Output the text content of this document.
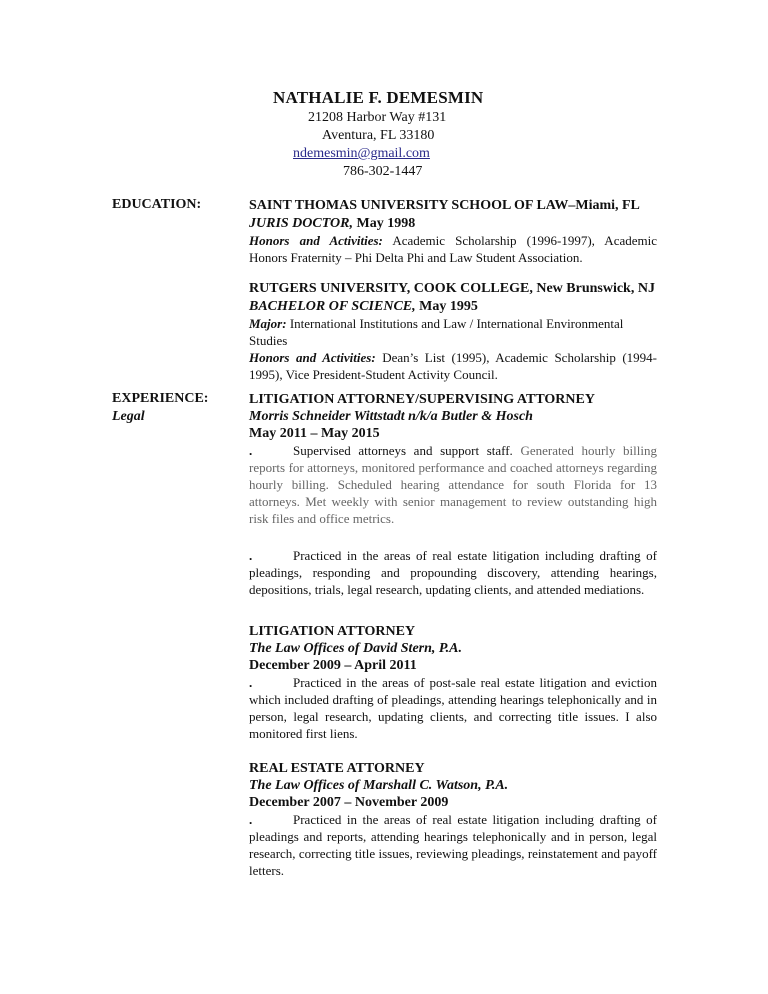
NATHALIE F. DEMESMIN
21208 Harbor Way #131
Aventura, FL 33180
ndemesmin@gmail.com
786-302-1447
EDUCATION:	SAINT THOMAS UNIVERSITY SCHOOL OF LAW–Miami, FL

JURIS DOCTOR, May 1998

Honors and Activities: Academic Scholarship (1996-1997), Academic Honors Fraternity – Phi Delta Phi and Law Student Association.

RUTGERS UNIVERSITY, COOK COLLEGE, New Brunswick, NJ

BACHELOR OF SCIENCE, May 1995

Major: International Institutions and Law / International Environmental Studies

Honors and Activities: Dean’s List (1995), Academic Scholarship (1994-1995), Vice President-Student Activity Council.

EXPERIENCE:
Legal

LITIGATION ATTORNEY/SUPERVISING ATTORNEY

Morris Schneider Wittstadt n/k/a Butler & Hosch

May 2011 – May 2015

.	Supervised attorneys and support staff. Generated hourly billing reports for attorneys, monitored performance and coached attorneys regarding hourly billing. Scheduled hearing attendance for south Florida for 13 attorneys. Met weekly with senior management to review outstanding high risk files and office metrics.

.	Practiced in the areas of real estate litigation including drafting of pleadings, responding and propounding discovery, attending hearings, depositions, trials, legal research, updating clients, and attended mediations.

LITIGATION ATTORNEY

The Law Offices of David Stern, P.A.

December 2009 – April 2011

.	Practiced in the areas of post-sale real estate litigation and eviction which included drafting of pleadings, attending hearings telephonically and in person, legal research, updating clients, and correcting title issues. I also monitored first liens.

REAL ESTATE ATTORNEY

The Law Offices of Marshall C. Watson, P.A.

December 2007 – November 2009

.	Practiced in the areas of real estate litigation including drafting of pleadings and reports, attending hearings telephonically and in person, legal research, correcting title issues, reviewing pleadings, reinstatement and payoff letters.
